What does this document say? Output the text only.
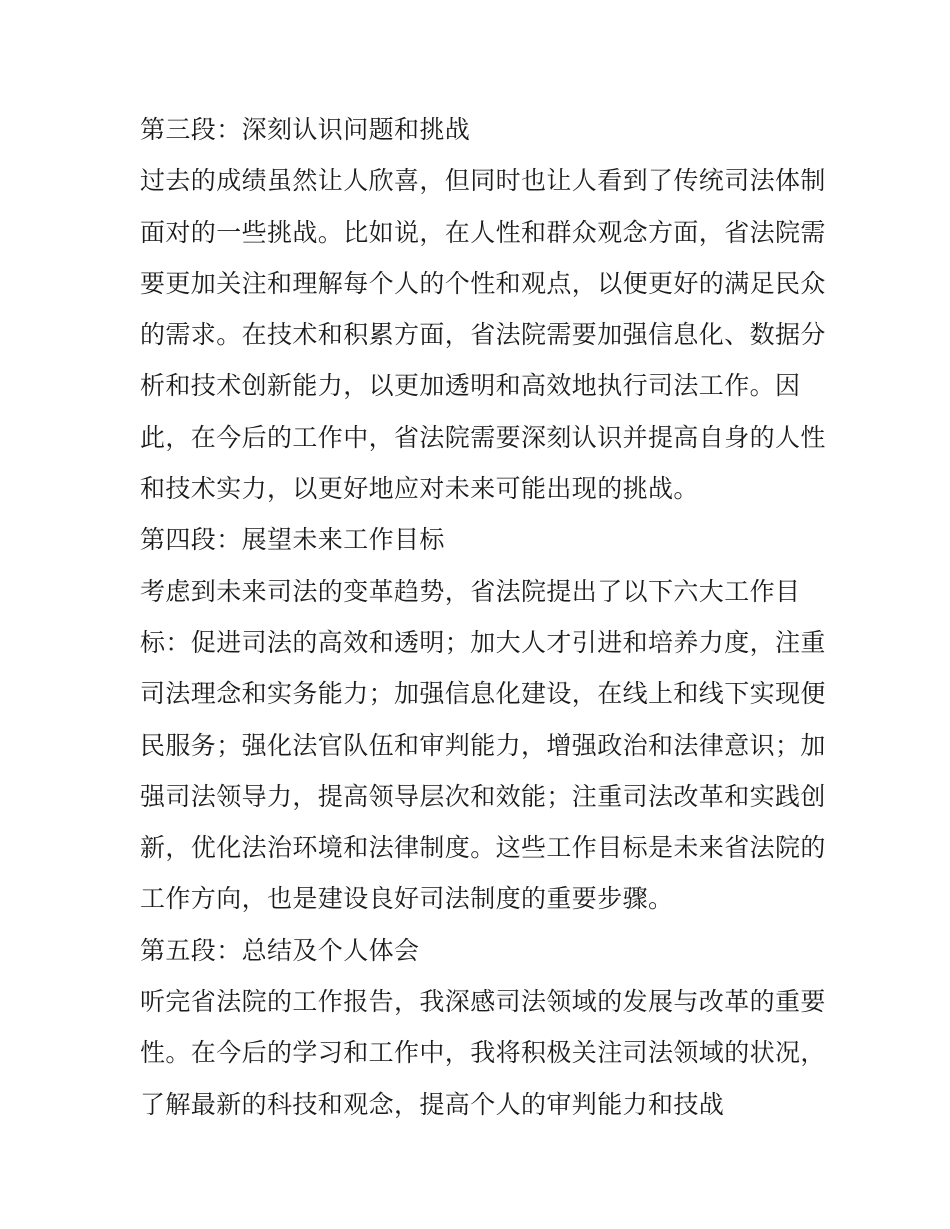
第三段：深刻认识问题和挑战
过去的成绩虽然让人欣喜，但同时也让人看到了传统司法体制
面对的一些挑战。比如说，在人性和群众观念方面，省法院需
要更加关注和理解每个人的个性和观点，以便更好的满足民众
的需求。在技术和积累方面，省法院需要加强信息化、数据分
析和技术创新能力，以更加透明和高效地执行司法工作。因
此，在今后的工作中，省法院需要深刻认识并提高自身的人性
和技术实力，以更好地应对未来可能出现的挑战。
第四段：展望未来工作目标
考虑到未来司法的变革趋势，省法院提出了以下六大工作目
标：促进司法的高效和透明；加大人才引进和培养力度，注重
司法理念和实务能力；加强信息化建设，在线上和线下实现便
民服务；强化法官队伍和审判能力，增强政治和法律意识；加
强司法领导力，提高领导层次和效能；注重司法改革和实践创
新，优化法治环境和法律制度。这些工作目标是未来省法院的
工作方向，也是建设良好司法制度的重要步骤。
第五段：总结及个人体会
听完省法院的工作报告，我深感司法领域的发展与改革的重要
性。在今后的学习和工作中，我将积极关注司法领域的状况，
了解最新的科技和观念，提高个人的审判能力和技战
